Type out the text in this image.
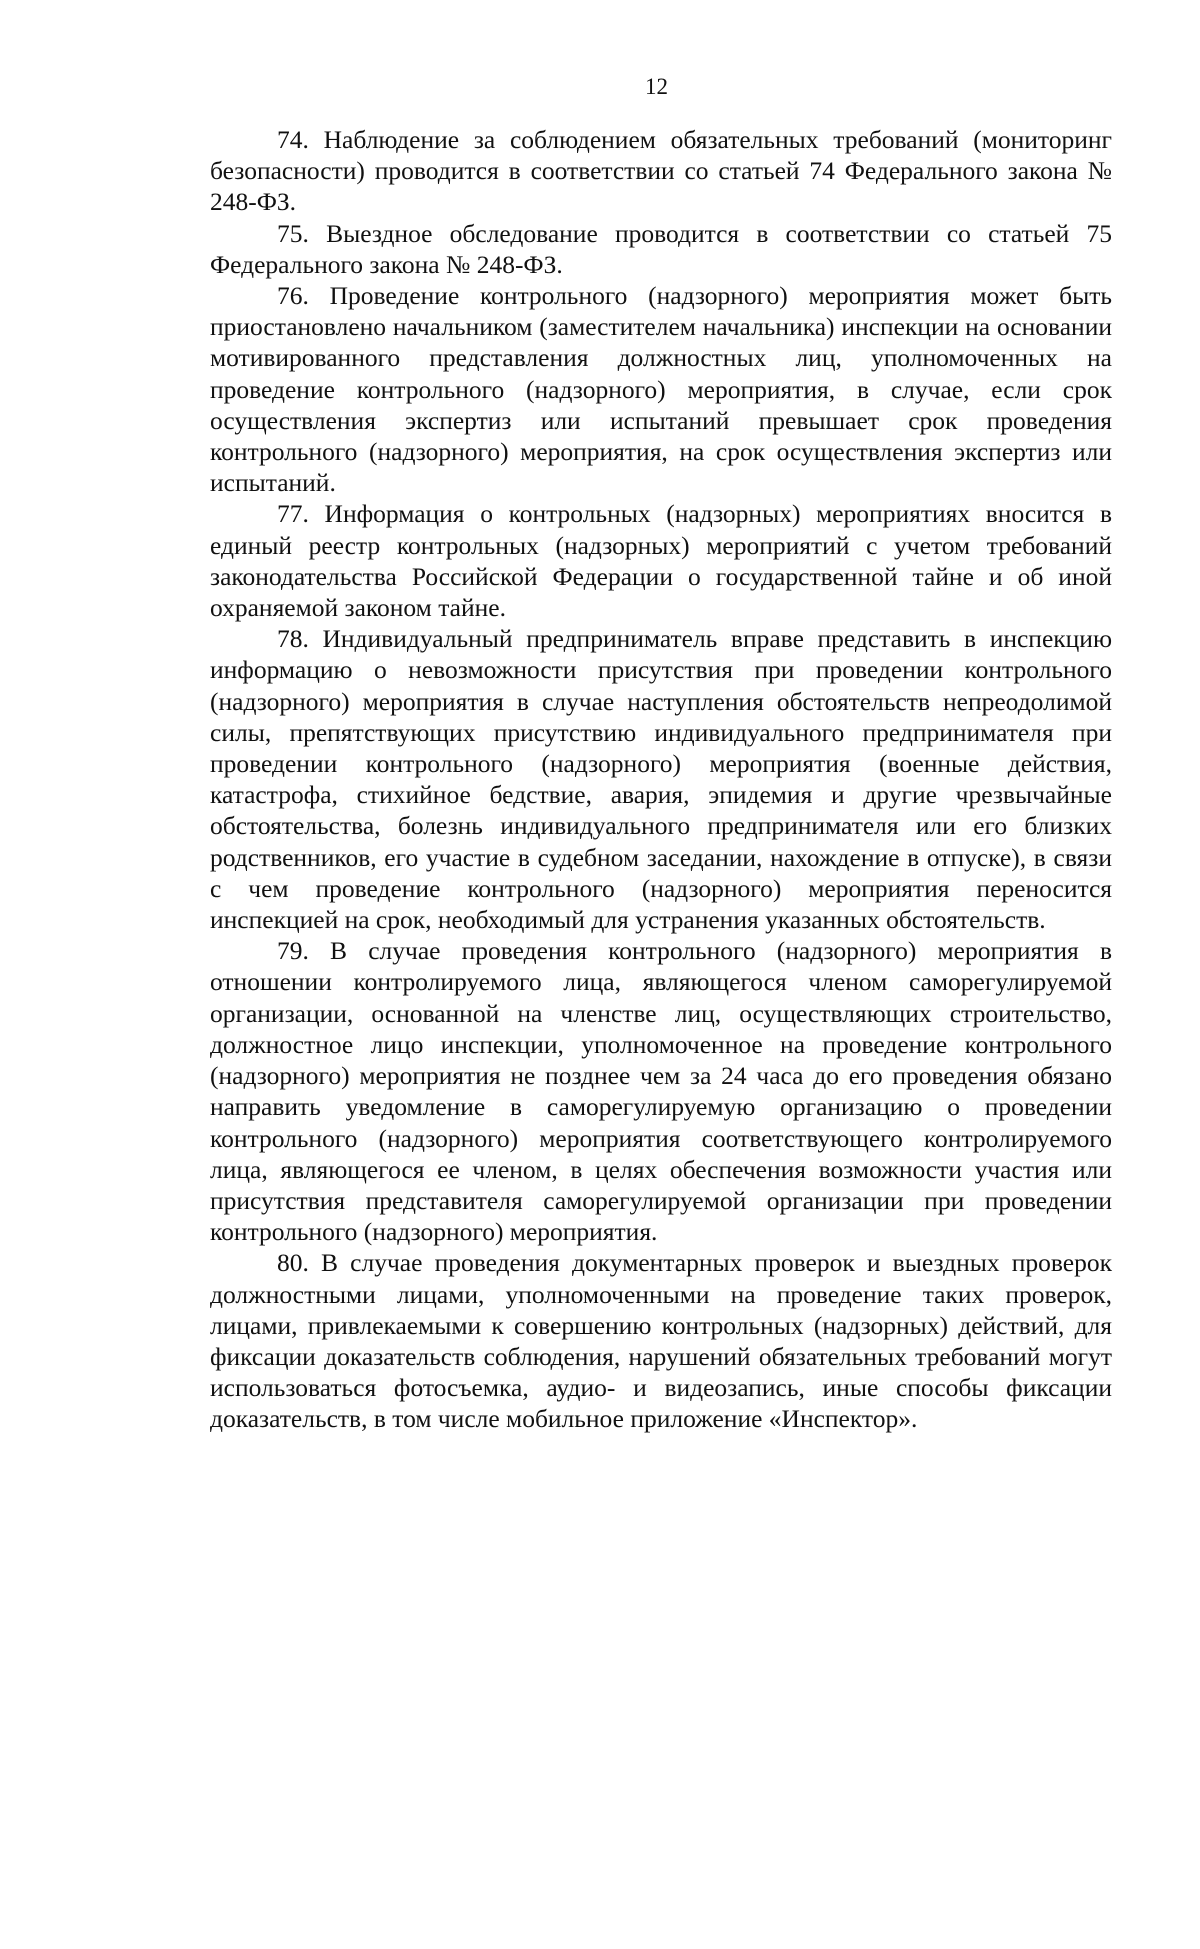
12

74. Наблюдение за соблюдением обязательных требований (мониторинг безопасности) проводится в соответствии со статьей 74 Федерального закона № 248-ФЗ.

75. Выездное обследование проводится в соответствии со статьей 75 Федерального закона № 248-ФЗ.

76. Проведение контрольного (надзорного) мероприятия может быть приостановлено начальником (заместителем начальника) инспекции на основании мотивированного представления должностных лиц, уполномоченных на проведение контрольного (надзорного) мероприятия, в случае, если срок осуществления экспертиз или испытаний превышает срок проведения контрольного (надзорного) мероприятия, на срок осуществления экспертиз или испытаний.

77. Информация о контрольных (надзорных) мероприятиях вносится в единый реестр контрольных (надзорных) мероприятий с учетом требований законодательства Российской Федерации о государственной тайне и об иной охраняемой законом тайне.

78. Индивидуальный предприниматель вправе представить в инспекцию информацию о невозможности присутствия при проведении контрольного (надзорного) мероприятия в случае наступления обстоятельств непреодолимой силы, препятствующих присутствию индивидуального предпринимателя при проведении контрольного (надзорного) мероприятия (военные действия, катастрофа, стихийное бедствие, авария, эпидемия и другие чрезвычайные обстоятельства, болезнь индивидуального предпринимателя или его близких родственников, его участие в судебном заседании, нахождение в отпуске), в связи с чем проведение контрольного (надзорного) мероприятия переносится инспекцией на срок, необходимый для устранения указанных обстоятельств.

79. В случае проведения контрольного (надзорного) мероприятия в отношении контролируемого лица, являющегося членом саморегулируемой организации, основанной на членстве лиц, осуществляющих строительство, должностное лицо инспекции, уполномоченное на проведение контрольного (надзорного) мероприятия не позднее чем за 24 часа до его проведения обязано направить уведомление в саморегулируемую организацию о проведении контрольного (надзорного) мероприятия соответствующего контролируемого лица, являющегося ее членом, в целях обеспечения возможности участия или присутствия представителя саморегулируемой организации при проведении контрольного (надзорного) мероприятия.

80. В случае проведения документарных проверок и выездных проверок должностными лицами, уполномоченными на проведение таких проверок, лицами, привлекаемыми к совершению контрольных (надзорных) действий, для фиксации доказательств соблюдения, нарушений обязательных требований могут использоваться фотосъемка, аудио- и видеозапись, иные способы фиксации доказательств, в том числе мобильное приложение «Инспектор».
